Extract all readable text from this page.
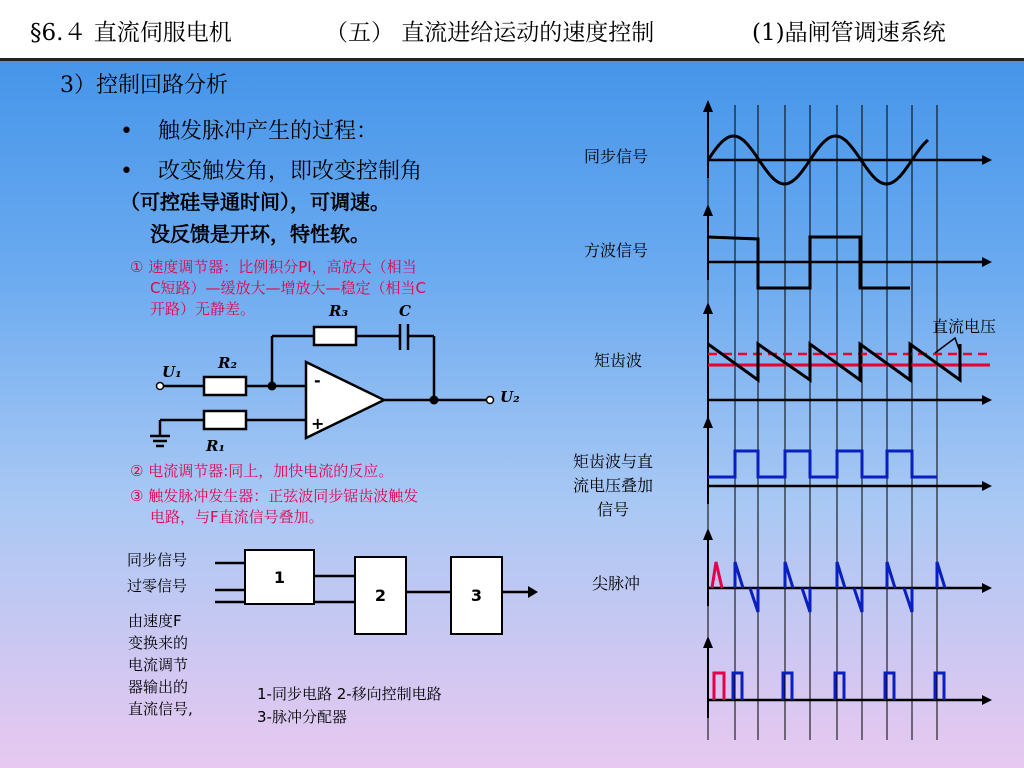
§6.４ 直流伺服电机	（五） 直流进给运动的速度控制	(1)晶闸管调速系统
3）控制回路分析
• 触发脉冲产生的过程：
• 改变触发角，即改变控制角
（可控硅导通时间），可调速。
没反馈是开环，特性软。
① 速度调节器：比例积分PI，高放大（相当
C短路）—缓放大—增放大—稳定（相当C
开路）无静差。
② 电流调节器:同上，加快电流的反应。
③ 触发脉冲发生器：正弦波同步锯齿波触发
电路，与F直流信号叠加。
R₃	C
U₁ R₂
R₁
U₂
-
+
1
2	3
同步信号
过零信号
由速度F
变换来的
电流调节
器输出的
直流信号,
1-同步电路 2-移向控制电路
3-脉冲分配器
同步信号
方波信号
矩齿波
直流电压
矩齿波与直
流电压叠加
信号
尖脉冲
